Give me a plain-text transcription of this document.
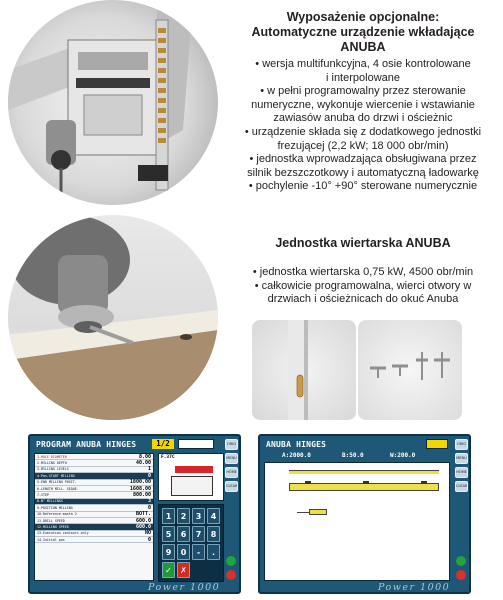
Wyposażenie opcjonalne:
Automatyczne urządzenie wkładające ANUBA

• wersja multifunkcyjna, 4 osie kontrolowane

i interpolowane

• w pełni programowalny przez sterowanie

numeryczne, wykonuje wiercenie i wstawianie

zawiasów anuba do drzwi i ościeżnic

• urządzenie składa się z dodatkowego jednostki

frezującej (2,2 kW; 18 000 obr/min)

• jednostka wprowadzająca obsługiwana przez

silnik bezszczotkowy i automatyczną ładowarkę

• pochylenie -10° +90° sterowane numerycznie

Jednostka wiertarska ANUBA

• jednostka wiertarska 0,75 kW, 4500 obr/min

• całkowicie programowalna, wierci otwory w

drzwiach i ościeżnicach do okuć Anuba

PROGRAM ANUBA HINGES	1/2
1.HOLE DIAMETER	8.00
2.MILLING DEPTH	40.00
3.MILLING LEVELS	1
4.Pos.START MILLING	0
5.END MILLING POSIT.	1800.00
6.LENGTH MILL. SEQUE.	1608.00
7.STEP	800.00
8.N° MILLINGS	3
9.POSITION MILLING	0
10.Reference masta 2	BOTT.
11.DRILL SPEED	600.0
12.MILLING SPEED	600.0
13.Execution contours only	NO
14.Initial pos	0
F.37C
1	2	3	4
5	6	7	8
9	0	-	.
✓	✗
ORIG
MENU
HOME
CLEAR
Power 1000
ANUBA HINGES
A:2000.0	B:50.0	W:200.0
ORIG
MENU
HOME
CLEAR
Power 1000
